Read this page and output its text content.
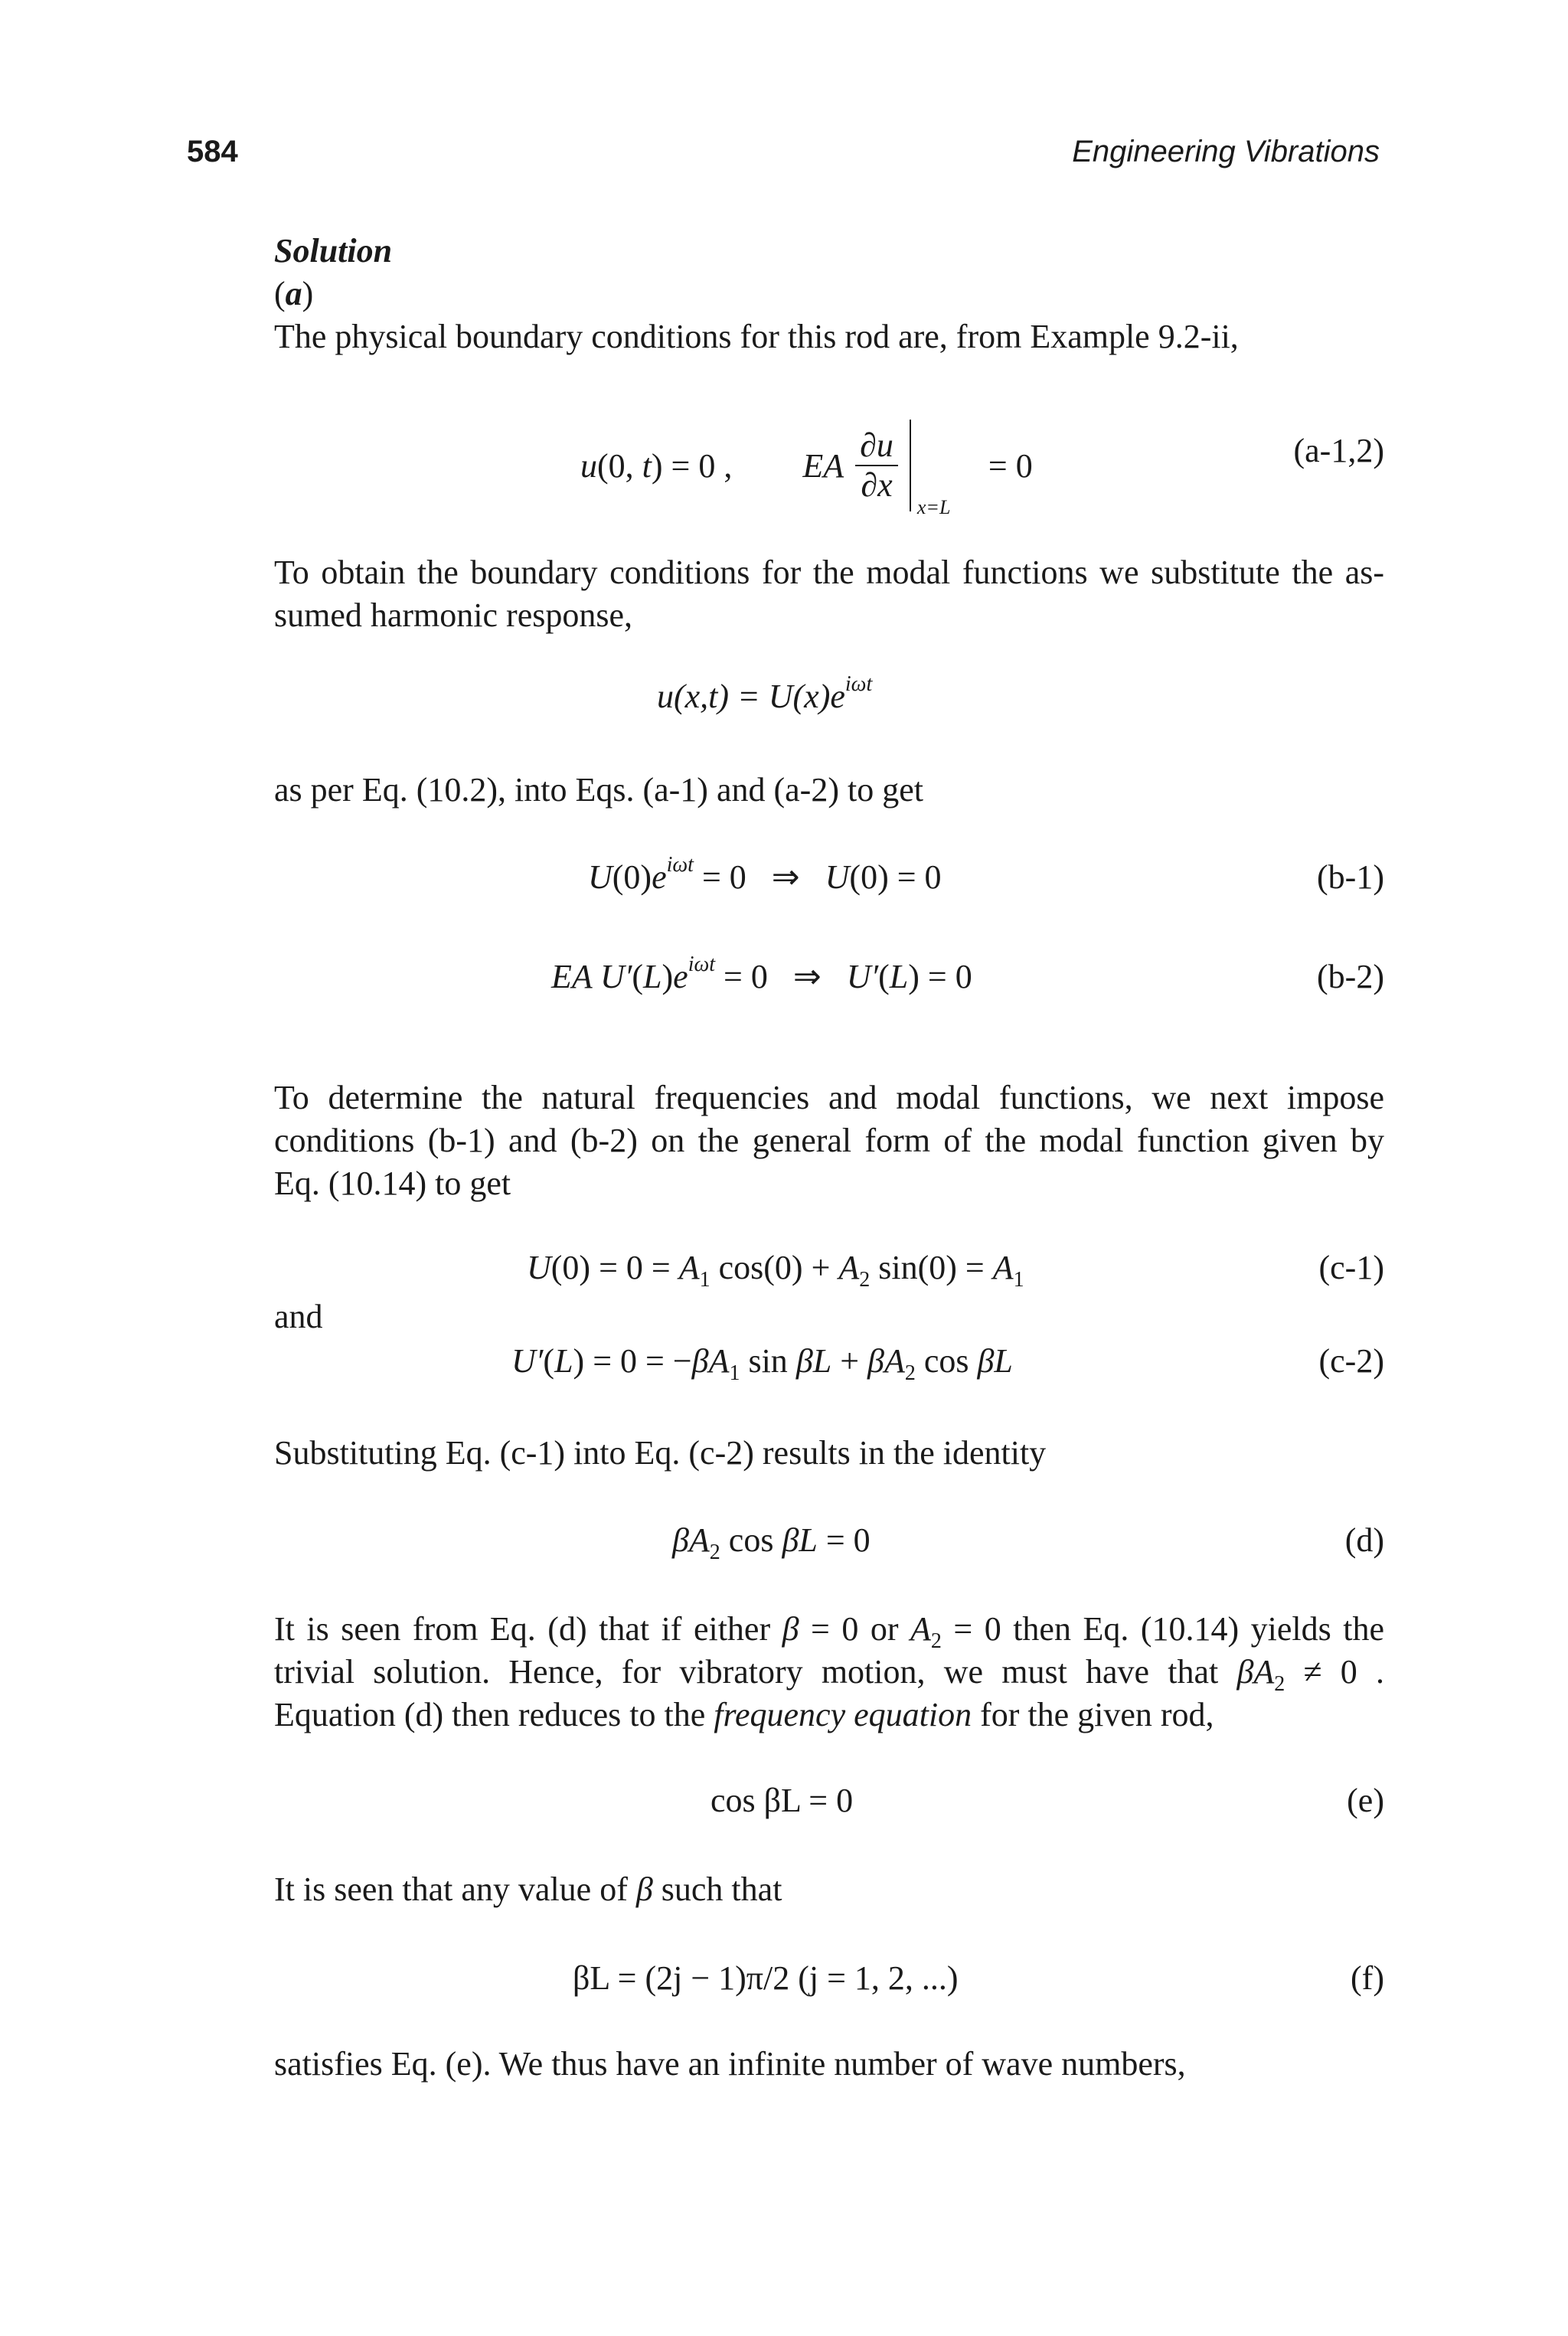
584	Engineering Vibrations
Solution
(a)
The physical boundary conditions for this rod are, from Example 9.2-ii,
u(0, t) = 0 , EA $\frac{\partial u}{\partial x}$

x=L
= 0	(a-1,2)
To obtain the boundary conditions for the modal functions we substitute the as-
sumed harmonic response,
$u(x,t) = U(x)e^{i\omega t}$
as per Eq. (10.2), into Eqs. (a-1) and (a-2) to get
$U(0)e^{i\omega t} = 0$   ⇒   U(0) = 0	(b-1)
EA $U'(L)e^{i\omega t} = 0$   ⇒   U′(L) = 0	(b-2)
To determine the natural frequencies and modal functions, we next impose
conditions (b-1) and (b-2) on the general form of the modal function given by
Eq. (10.14) to get
$U(0) = 0 = A_1$ $\cos(0) + A_2$ $\sin(0) = A_1$	(c-1)
and
$U'(L) = 0 = -\beta A_1$ $\sin \beta L + \beta A_2$ cos βL	(c-2)
Substituting Eq. (c-1) into Eq. (c-2) results in the identity
$\beta A_2$ cos βL = 0	(d)
It is seen from Eq. (d) that if either β = 0 or $A_2 = 0$ then Eq. (10.14) yields the
trivial solution. Hence, for vibratory motion, we must have that $\beta A_2 \ne 0$ .
Equation (d) then reduces to the frequency equation for the given rod,
cos βL = 0	(e)
It is seen that any value of β such that
βL = (2j − 1)π/2 (j = 1, 2, ...)	(f)
satisfies Eq. (e). We thus have an infinite number of wave numbers,
